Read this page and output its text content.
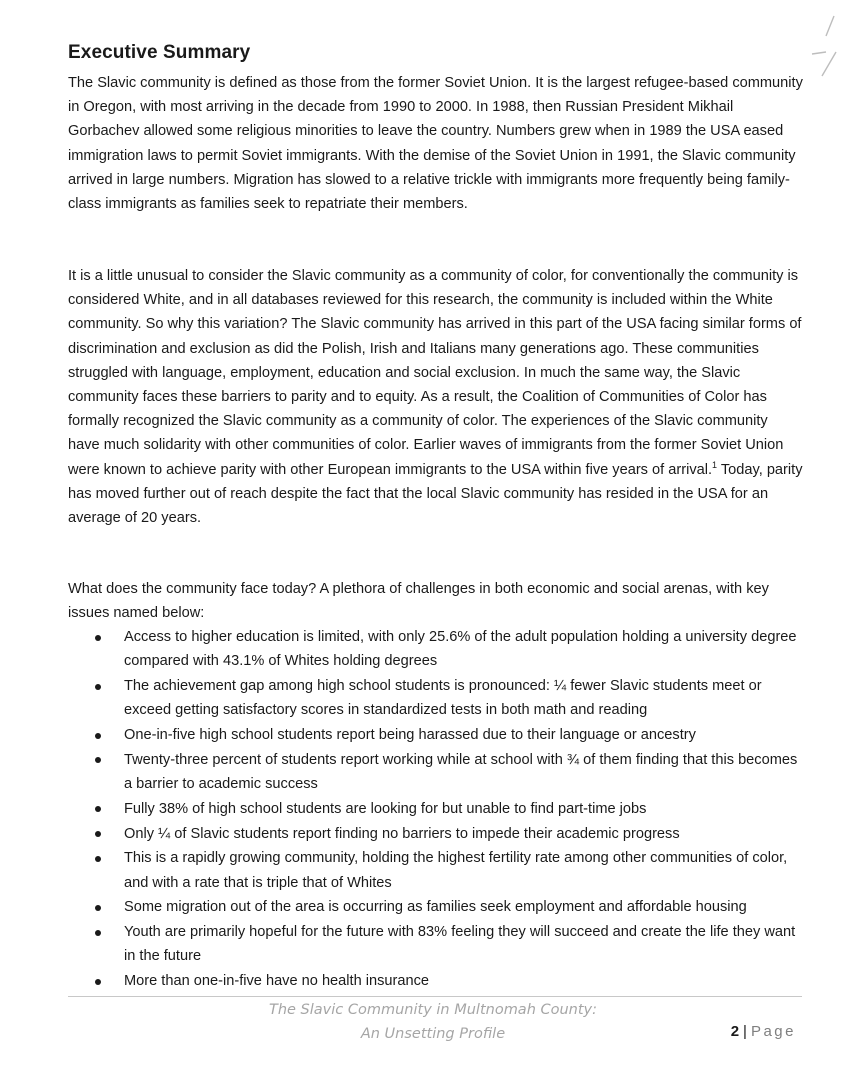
Executive Summary

The Slavic community is defined as those from the former Soviet Union. It is the largest refugee-based community in Oregon, with most arriving in the decade from 1990 to 2000. In 1988, then Russian President Mikhail Gorbachev allowed some religious minorities to leave the country. Numbers grew when in 1989 the USA eased immigration laws to permit Soviet immigrants. With the demise of the Soviet Union in 1991, the Slavic community arrived in large numbers. Migration has slowed to a relative trickle with immigrants more frequently being family-class immigrants as families seek to repatriate their members.

It is a little unusual to consider the Slavic community as a community of color, for conventionally the community is considered White, and in all databases reviewed for this research, the community is included within the White community. So why this variation? The Slavic community has arrived in this part of the USA facing similar forms of discrimination and exclusion as did the Polish, Irish and Italians many generations ago. These communities struggled with language, employment, education and social exclusion. In much the same way, the Slavic community faces these barriers to parity and to equity. As a result, the Coalition of Communities of Color has formally recognized the Slavic community as a community of color. The experiences of the Slavic community have much solidarity with other communities of color. Earlier waves of immigrants from the former Soviet Union were known to achieve parity with other European immigrants to the USA within five years of arrival.$^1$ Today, parity has moved further out of reach despite the fact that the local Slavic community has resided in the USA for an average of 20 years.

What does the community face today? A plethora of challenges in both economic and social arenas, with key issues named below:

Access to higher education is limited, with only 25.6% of the adult population holding a university degree compared with 43.1% of Whites holding degrees
The achievement gap among high school students is pronounced: ¼ fewer Slavic students meet or exceed getting satisfactory scores in standardized tests in both math and reading
One-in-five high school students report being harassed due to their language or ancestry
Twenty-three percent of students report working while at school with ¾ of them finding that this becomes a barrier to academic success
Fully 38% of high school students are looking for but unable to find part-time jobs
Only ¼ of Slavic students report finding no barriers to impede their academic progress
This is a rapidly growing community, holding the highest fertility rate among other communities of color, and with a rate that is triple that of Whites
Some migration out of the area is occurring as families seek employment and affordable housing
Youth are primarily hopeful for the future with 83% feeling they will succeed and create the life they want in the future
More than one-in-five have no health insurance
The Slavic Community in Multnomah County:
An Unsetting Profile	2 | Page
